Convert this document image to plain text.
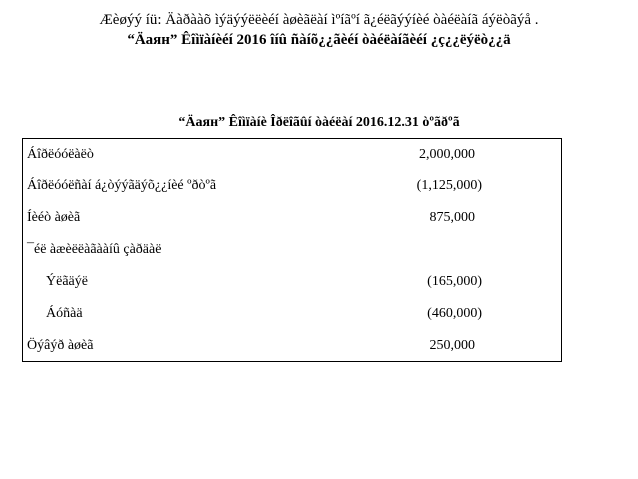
Æèøýý íü: Äàðààõ ìýäýýëëèéí àøèãëàí ìºíãºí ã¿éëãýýíèé òàéëàíã áýëòãýå .
“Äаян” Êîìïàíèéí 2016 îíû ñàíõ¿¿ãèéí òàéëàíãèéí ¿ç¿¿ëýëò¿¿ä
“Äаян” Êîìïàíè Îðëîãûí òàéëàí 2016.12.31 òºãðºã
Áîðëóóëàëò	2,000,000
Áîðëóóëñàí á¿òýýãäýõ¿¿íèé ºðòºã	(1,125,000)
Íèéò àøèã	875,000
¯éë àæèëëàãààíû çàðäàë
Ýëãäýë	(165,000)
Áóñàä	(460,000)
Öýâýð àøèã	250,000
